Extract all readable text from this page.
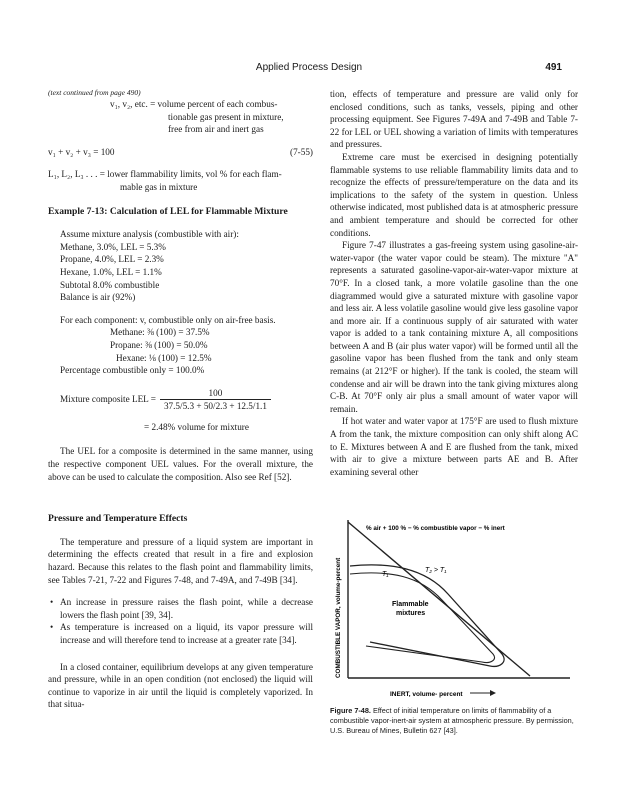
Applied Process Design	491

(text continued from page 490)

v₁, v₂, etc. = volume percent of each combus-
tionable gas present in mixture,
free from air and inert gas
v₁ + v₂ + v₃ = 100	(7-55)
L₁, L₂, L₃ . . . = lower flammability limits, vol % for each flam-
mable gas in mixture
Example 7-13: Calculation of LEL for Flammable Mixture
Assume mixture analysis (combustible with air):
Methane, 3.0%, LEL = 5.3%
Propane, 4.0%, LEL = 2.3%
Hexane, 1.0%, LEL = 1.1%
Subtotal 8.0% combustible
Balance is air (92%)
For each component: v, combustible only on air-free basis.
Methane: ⅜ (100) = 37.5%
Propane: ⅜ (100) = 50.0%
Hexane: ⅛ (100) = 12.5%
Percentage combustible only = 100.0%
Mixture composite LEL = $\frac{100}{37.5/5.3 + 50/2.3 + 12.5/1.1}$
= 2.48% volume for mixture

The UEL for a composite is determined in the same manner, using the respective component UEL values. For the overall mixture, the above can be used to calculate the composition. Also see Ref [52].

Pressure and Temperature Effects

The temperature and pressure of a liquid system are important in determining the effects created that result in a fire and explosion hazard. Because this relates to the flash point and flammability limits, see Tables 7-21, 7-22 and Figures 7-48, and 7-49A, and 7-49B [34].

• An increase in pressure raises the flash point, while a decrease lowers the flash point [39, 34].
• As temperature is increased on a liquid, its vapor pressure will increase and will therefore tend to increase at a greater rate [34].

In a closed container, equilibrium develops at any given temperature and pressure, while in an open condition (not enclosed) the liquid will continue to vaporize in air until the liquid is completely vaporized. In that situa-

tion, effects of temperature and pressure are valid only for enclosed conditions, such as tanks, vessels, piping and other processing equipment. See Figures 7-49A and 7-49B and Table 7-22 for LEL or UEL showing a variation of limits with temperatures and pressures.

Extreme care must be exercised in designing potentially flammable systems to use reliable flammability limits data and to recognize the effects of pressure/temperature on the data and its implications to the safety of the system in question. Unless otherwise indicated, most published data is at atmospheric pressure and ambient temperature and should be corrected for other conditions.

Figure 7-47 illustrates a gas-freeing system using gasoline-air-water-vapor (the water vapor could be steam). The mixture "A" represents a saturated gasoline-vapor-air-water-vapor mixture at 70°F. In a closed tank, a more volatile gasoline than the one diagrammed would give a saturated mixture with gasoline vapor and less air. A less volatile gasoline would give less gasoline vapor and more air. If a continuous supply of air saturated with water vapor is added to a tank containing mixture A, all compositions between A and B (air plus water vapor) will be formed until all the gasoline vapor has been flushed from the tank and only steam remains (at 212°F or higher). If the tank is cooled, the steam will condense and air will be drawn into the tank giving mixtures along C-B. At 70°F only air plus a small amount of water vapor will remain.

If hot water and water vapor at 175°F are used to flush mixture A from the tank, the mixture composition can only shift along AC to E. Mixtures between A and E are flushed from the tank, mixed with air to give a mixture between parts AE and B. After examining several other

% air + 100 % − % combustible vapor − % inert
T₁
T₂ > T₁
Flammable
mixtures
COMBUSTIBLE VAPOR, volume-percent
INERT, volume- percent
Figure 7-48. Effect of initial temperature on limits of flammability of a combustible vapor-inert-air system at atmospheric pressure. By permission, U.S. Bureau of Mines, Bulletin 627 [43].
